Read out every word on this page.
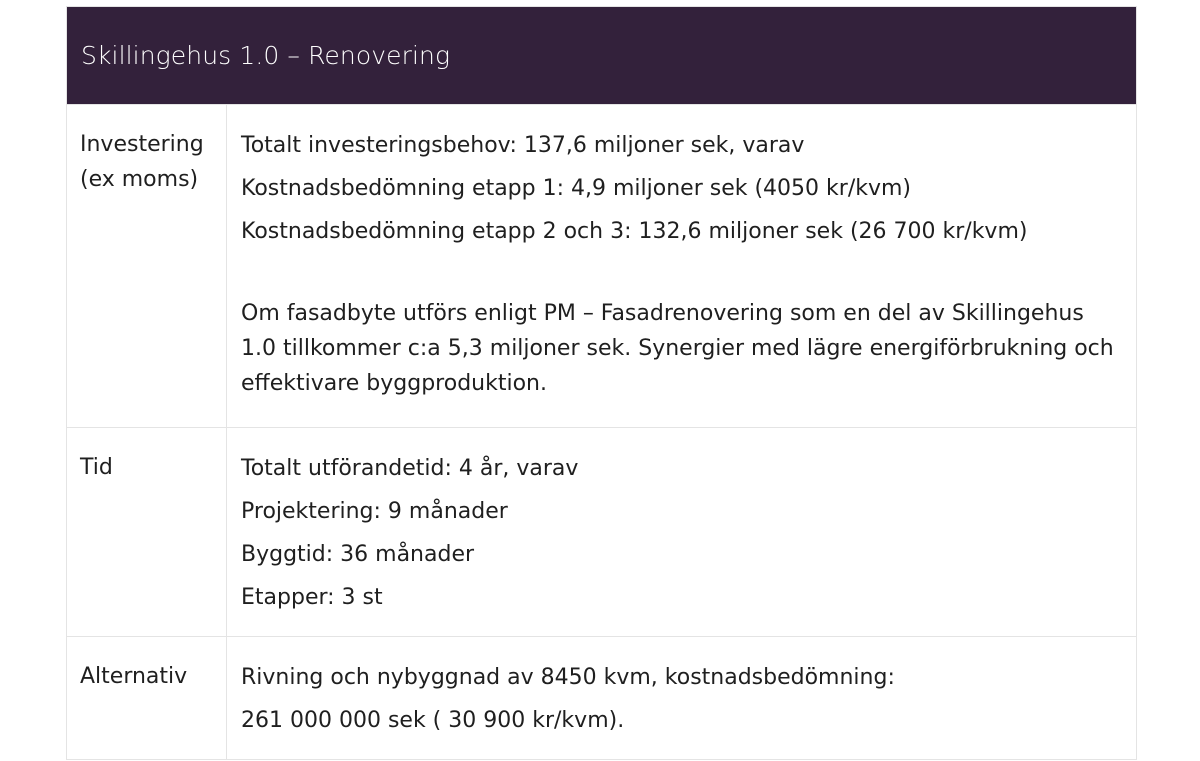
Skillingehus 1.0 – Renovering
Investering (ex moms)
Totalt investeringsbehov: 137,6 miljoner sek, varav
Kostnadsbedömning etapp 1: 4,9 miljoner sek (4050 kr/kvm)
Kostnadsbedömning etapp 2 och 3: 132,6 miljoner sek (26 700 kr/kvm)
Om fasadbyte utförs enligt PM – Fasadrenovering som en del av Skillingehus 1.0 tillkommer c:a 5,3 miljoner sek. Synergier med lägre energiförbrukning och effektivare byggproduktion.
Tid	Totalt utförandetid: 4 år, varav
Projektering: 9 månader
Byggtid: 36 månader
Etapper: 3 st
Alternativ	Rivning och nybyggnad av 8450 kvm, kostnadsbedömning:
261 000 000 sek ( 30 900 kr/kvm).
